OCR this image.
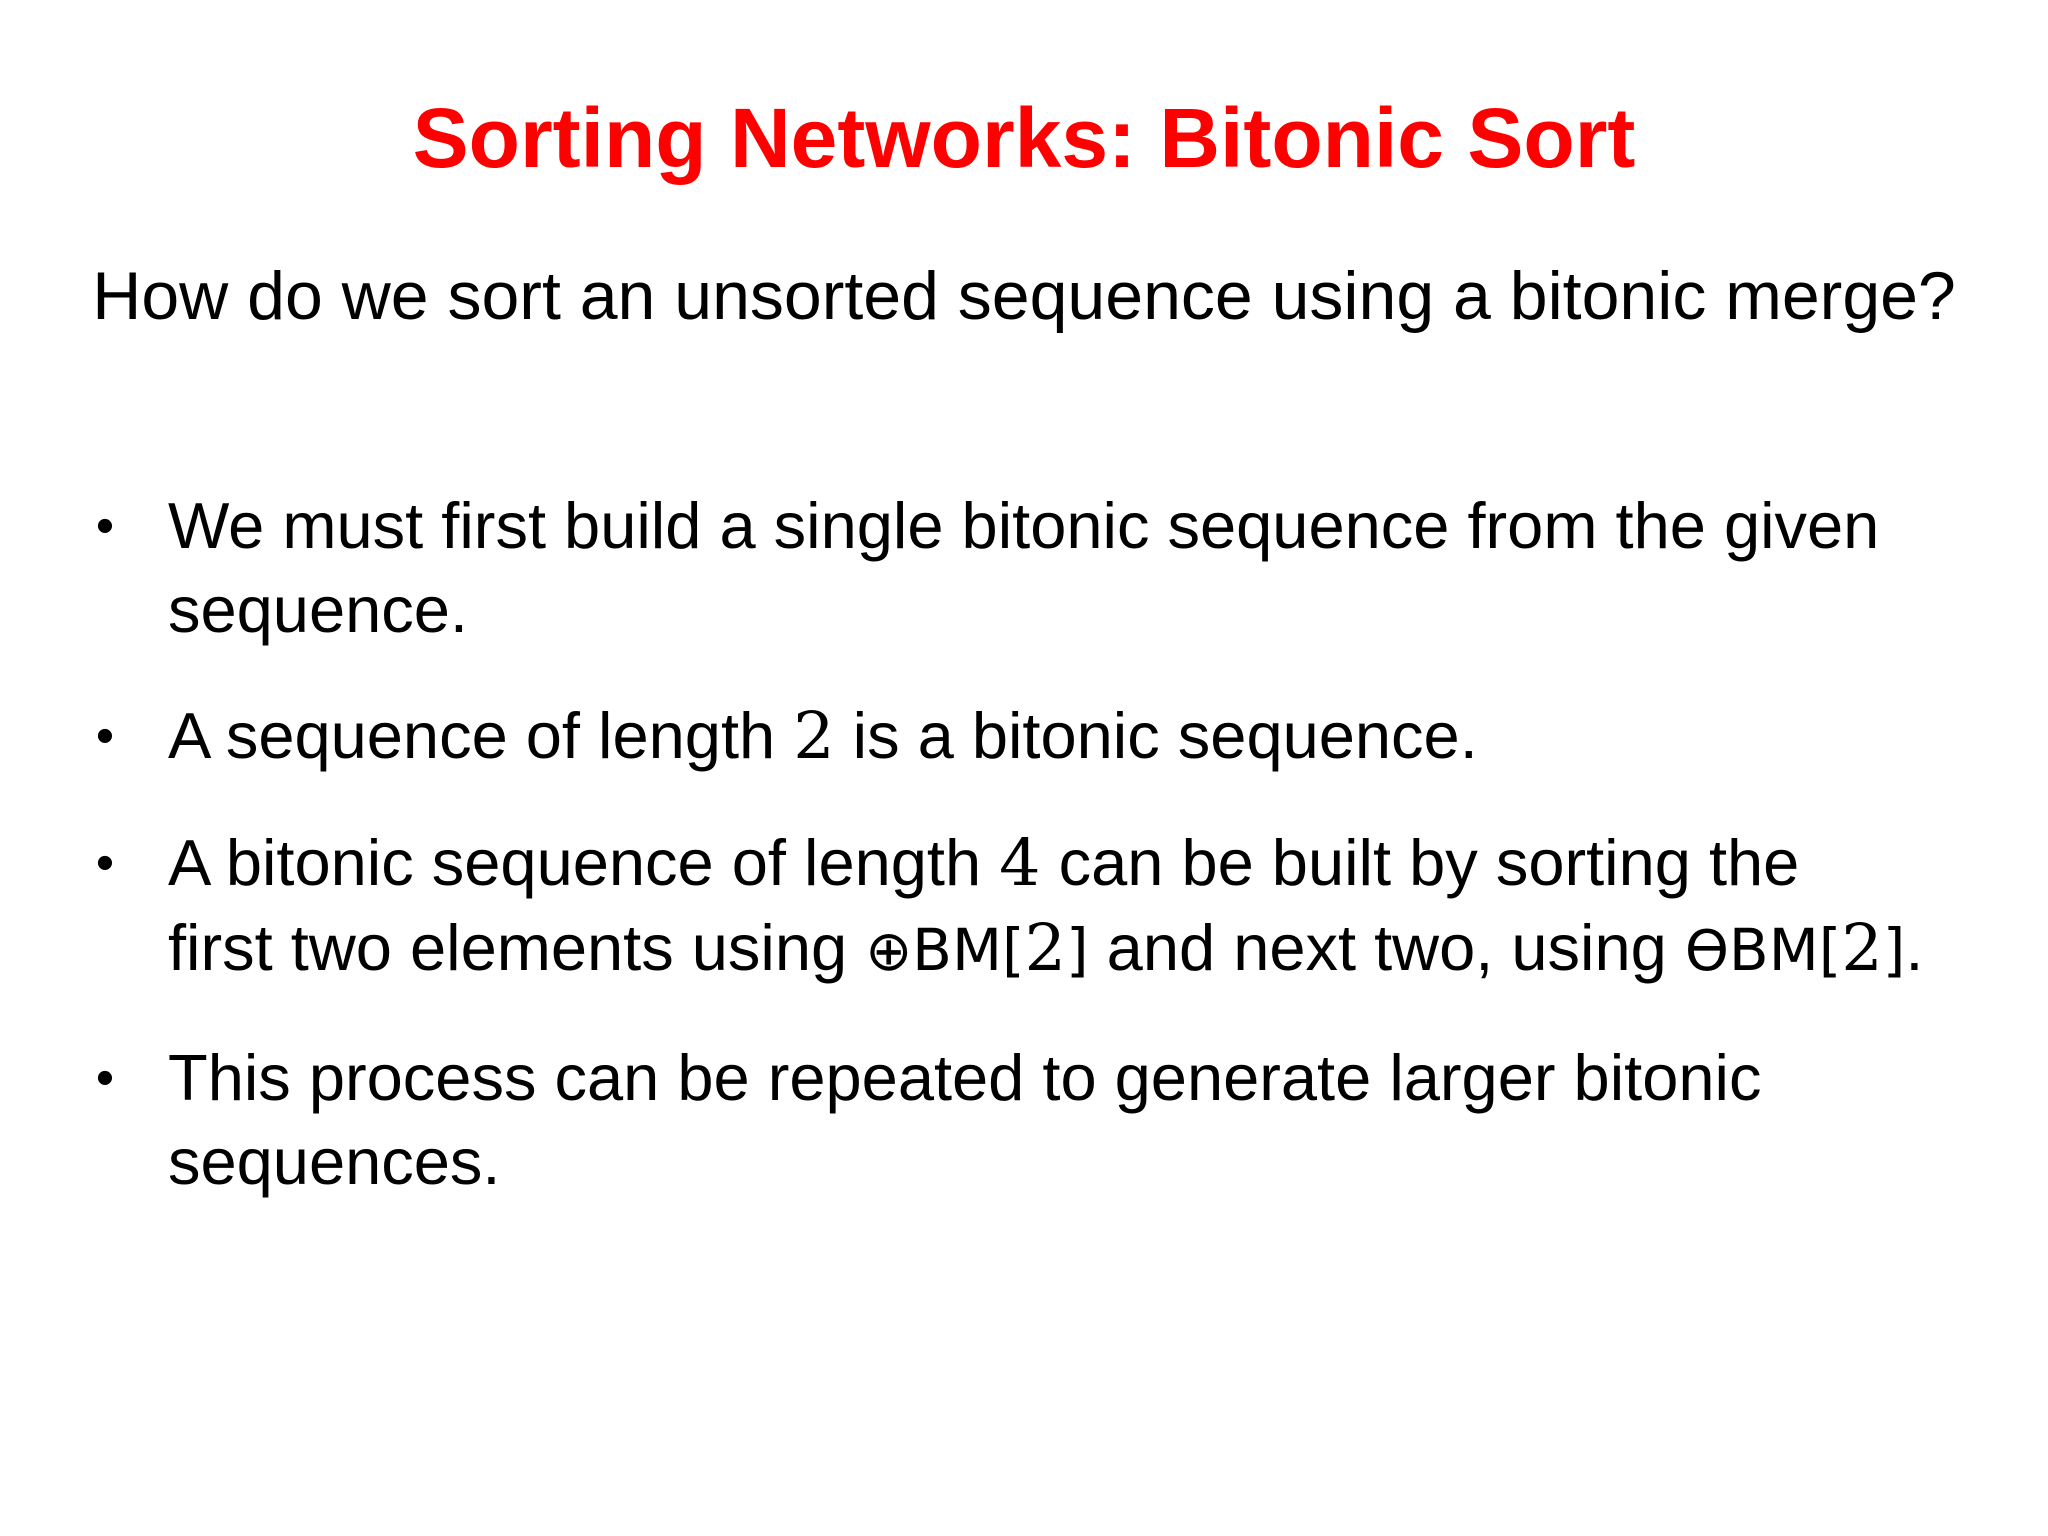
Sorting Networks: Bitonic Sort
How do we sort an unsorted sequence using a bitonic merge?
• We must first build a single bitonic sequence from the given
sequence.
• A sequence of length 2 is a bitonic sequence.
• A bitonic sequence of length 4 can be built by sorting the
first two elements using ⊕BM[2] and next two, using ϴBM[2].
• This process can be repeated to generate larger bitonic
sequences.
